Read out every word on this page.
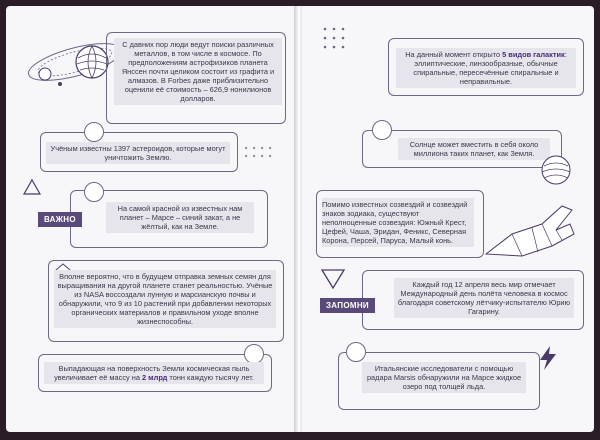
С давних пор люди ведут поиски различных металлов, в том числе в космосе. По предположениям астрофизиков планета Янссен почти целиком состоит из графита и алмазов. В Forbes даже приблизительно оценили её стоимость – 626,9 нонилионов долларов.
Учёным известны 1397 астероидов, которые могут уничтожить Землю.
ВАЖНО
На самой красной из известных нам планет – Марсе – синий закат, а не жёлтый, как на Земле.
Вполне вероятно, что в будущем отправка земных семян для выращивания на другой планете станет реальностью. Учёные из NASA воссоздали лунную и марсианскую почвы и обнаружили, что 9 из 10 растений при добавлении некоторых органических материалов и правильном уходе вполне жизнеспособны.
Выпадающая на поверхность Земли космическая пыль увеличивает её массу на 2 млрд тонн каждую тысячу лет.
На данный момент открыто 5 видов галактик: эллиптические, линзообразные, обычные спиральные, пересечённые спиральные и неправильные.
Солнце может вместить в себя около миллиона таких планет, как Земля.
Помимо известных созвездий и созвездий знаков зодиака, существуют неполноценные созвездия: Южный Крест, Цефей, Чаша, Эридан, Феникс, Северная Корона, Персей, Паруса, Малый конь.
ЗАПОМНИ
Каждый год 12 апреля весь мир отмечает Международный день полёта человека в космос благодаря советскому лётчику-испытателю Юрию Гагарину.
Итальянские исследователи с помощью радара Marsis обнаружили на Марсе жидкое озеро под толщей льда.
